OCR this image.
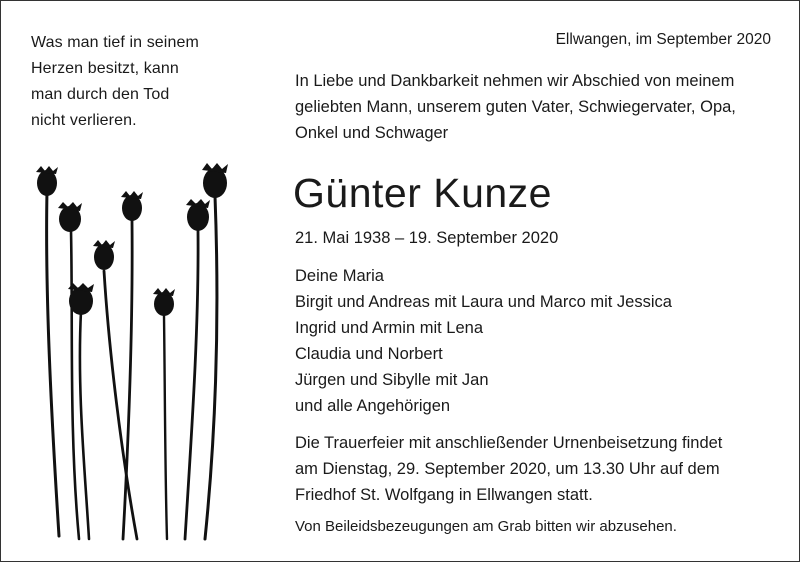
Was man tief in seinem
Herzen besitzt, kann
man durch den Tod
nicht verlieren.
Ellwangen, im September 2020
In Liebe und Dankbarkeit nehmen wir Abschied von meinem
geliebten Mann, unserem guten Vater, Schwiegervater, Opa,
Onkel und Schwager
Günter Kunze
21. Mai 1938 – 19. September 2020
Deine Maria
Birgit und Andreas mit Laura und Marco mit Jessica
Ingrid und Armin mit Lena
Claudia und Norbert
Jürgen und Sibylle mit Jan
und alle Angehörigen
Die Trauerfeier mit anschließender Urnenbeisetzung findet
am Dienstag, 29. September 2020, um 13.30 Uhr auf dem
Friedhof St. Wolfgang in Ellwangen statt.
Von Beileidsbezeugungen am Grab bitten wir abzusehen.
